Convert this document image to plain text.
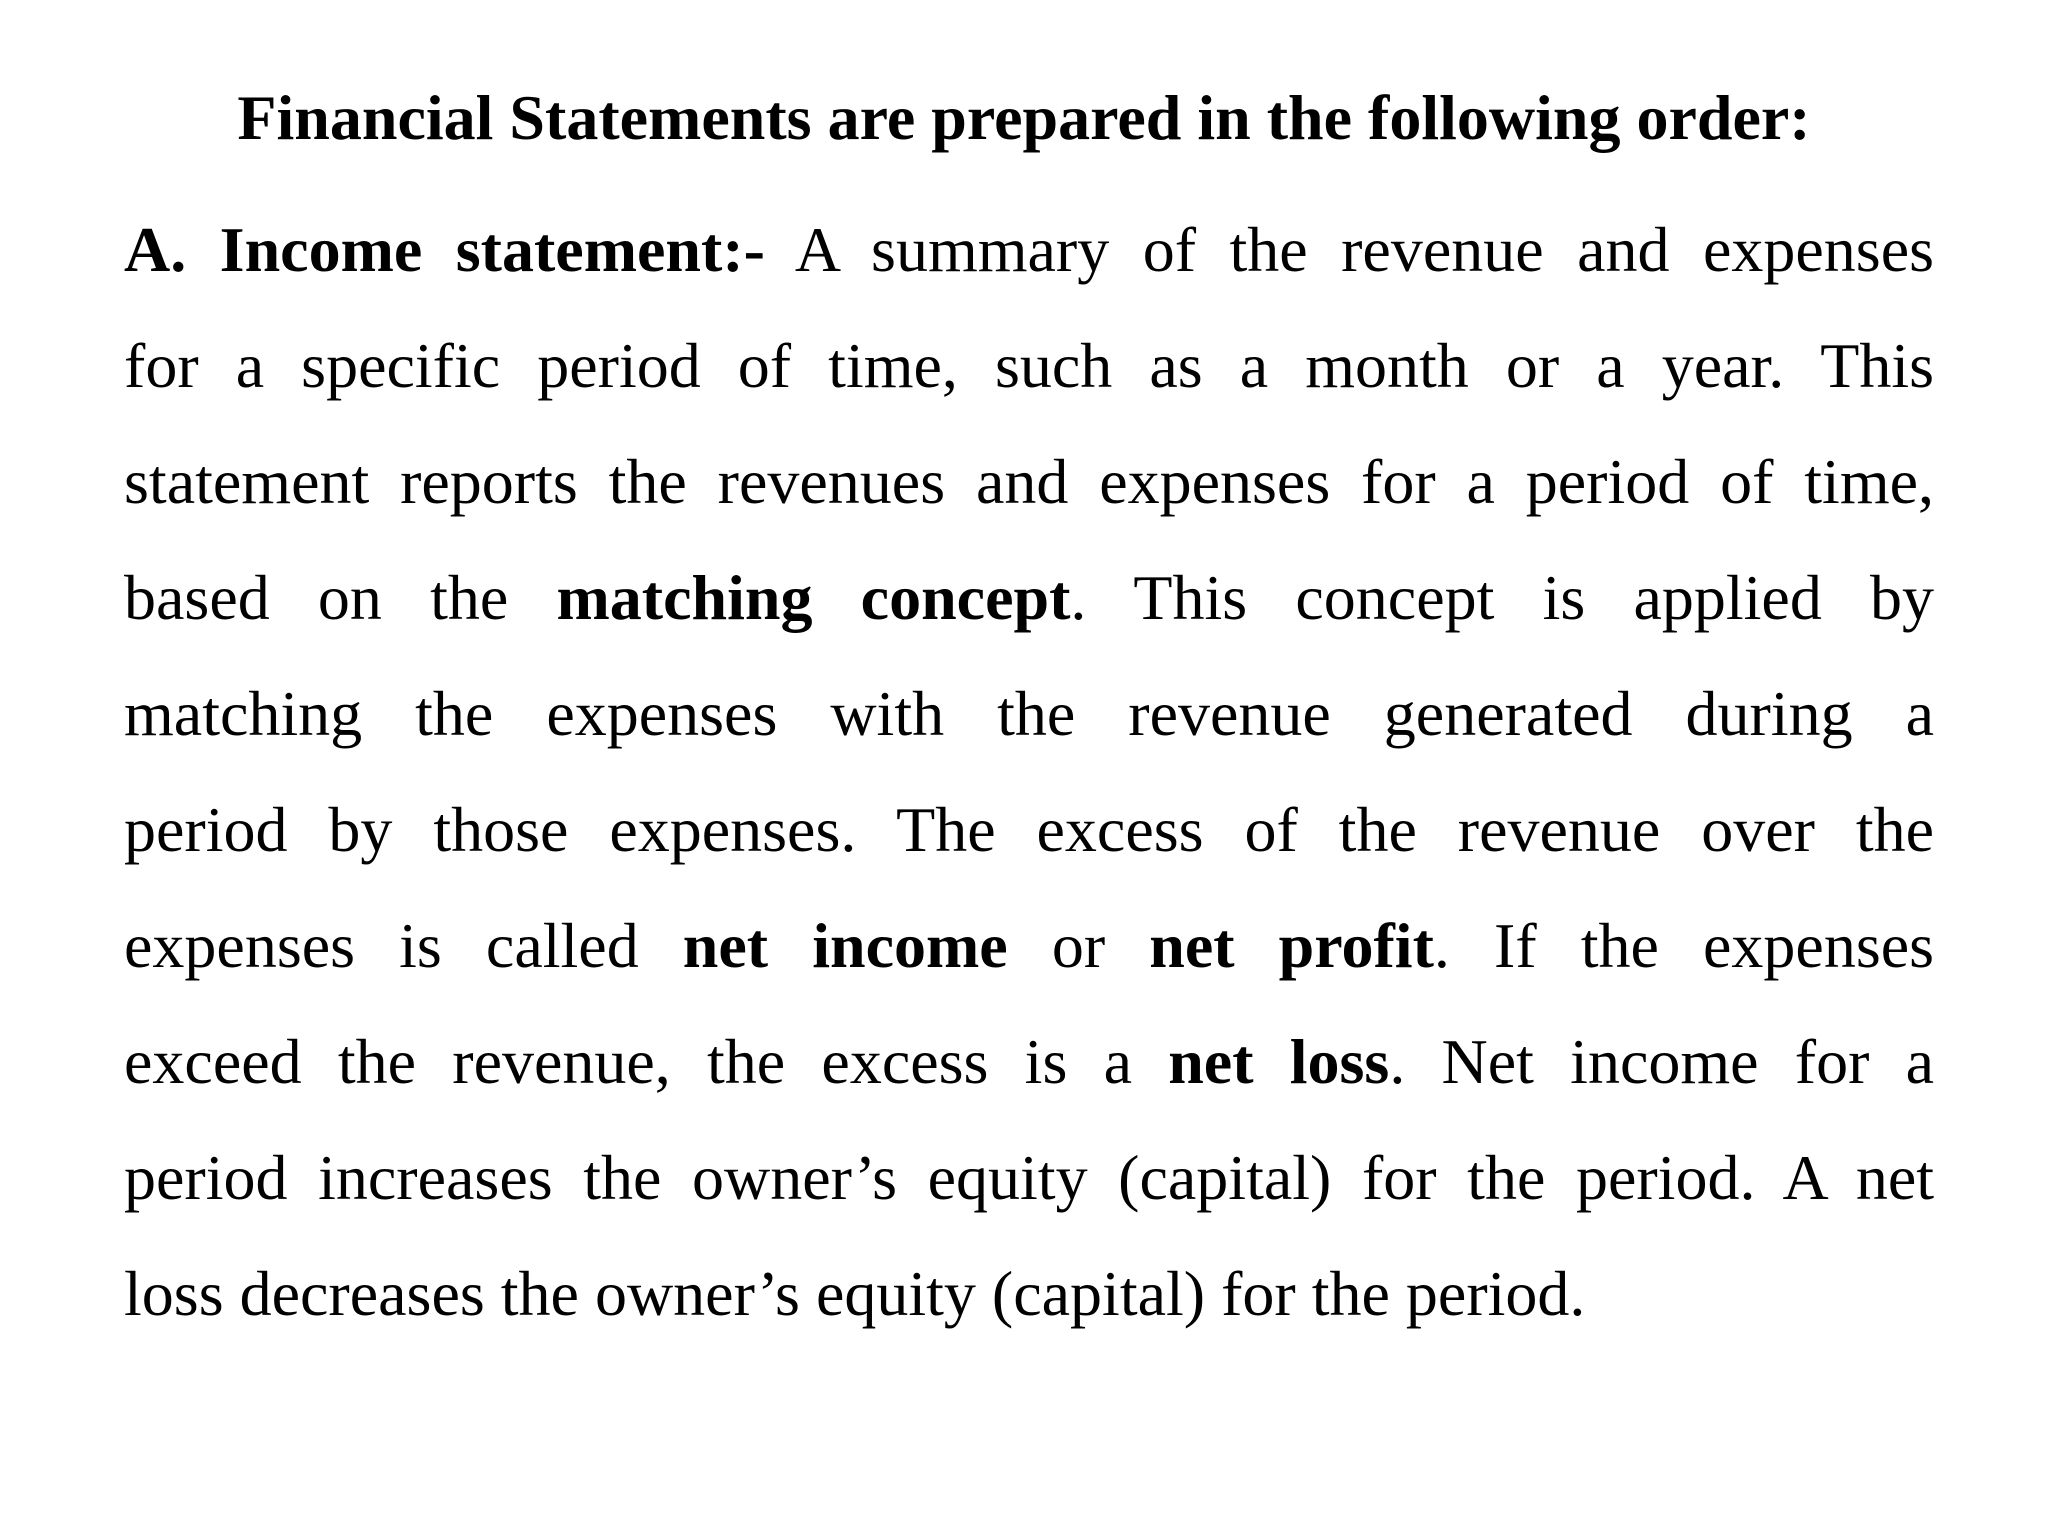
Financial Statements are prepared in the following order:
A. Income statement:- A summary of the revenue and expenses
for a specific period of time, such as a month or a year. This
statement reports the revenues and expenses for a period of time,
based on the matching concept. This concept is applied by
matching the expenses with the revenue generated during a
period by those expenses. The excess of the revenue over the
expenses is called net income or net profit. If the expenses
exceed the revenue, the excess is a net loss. Net income for a
period increases the owner’s equity (capital) for the period. A net
loss decreases the owner’s equity (capital) for the period.
